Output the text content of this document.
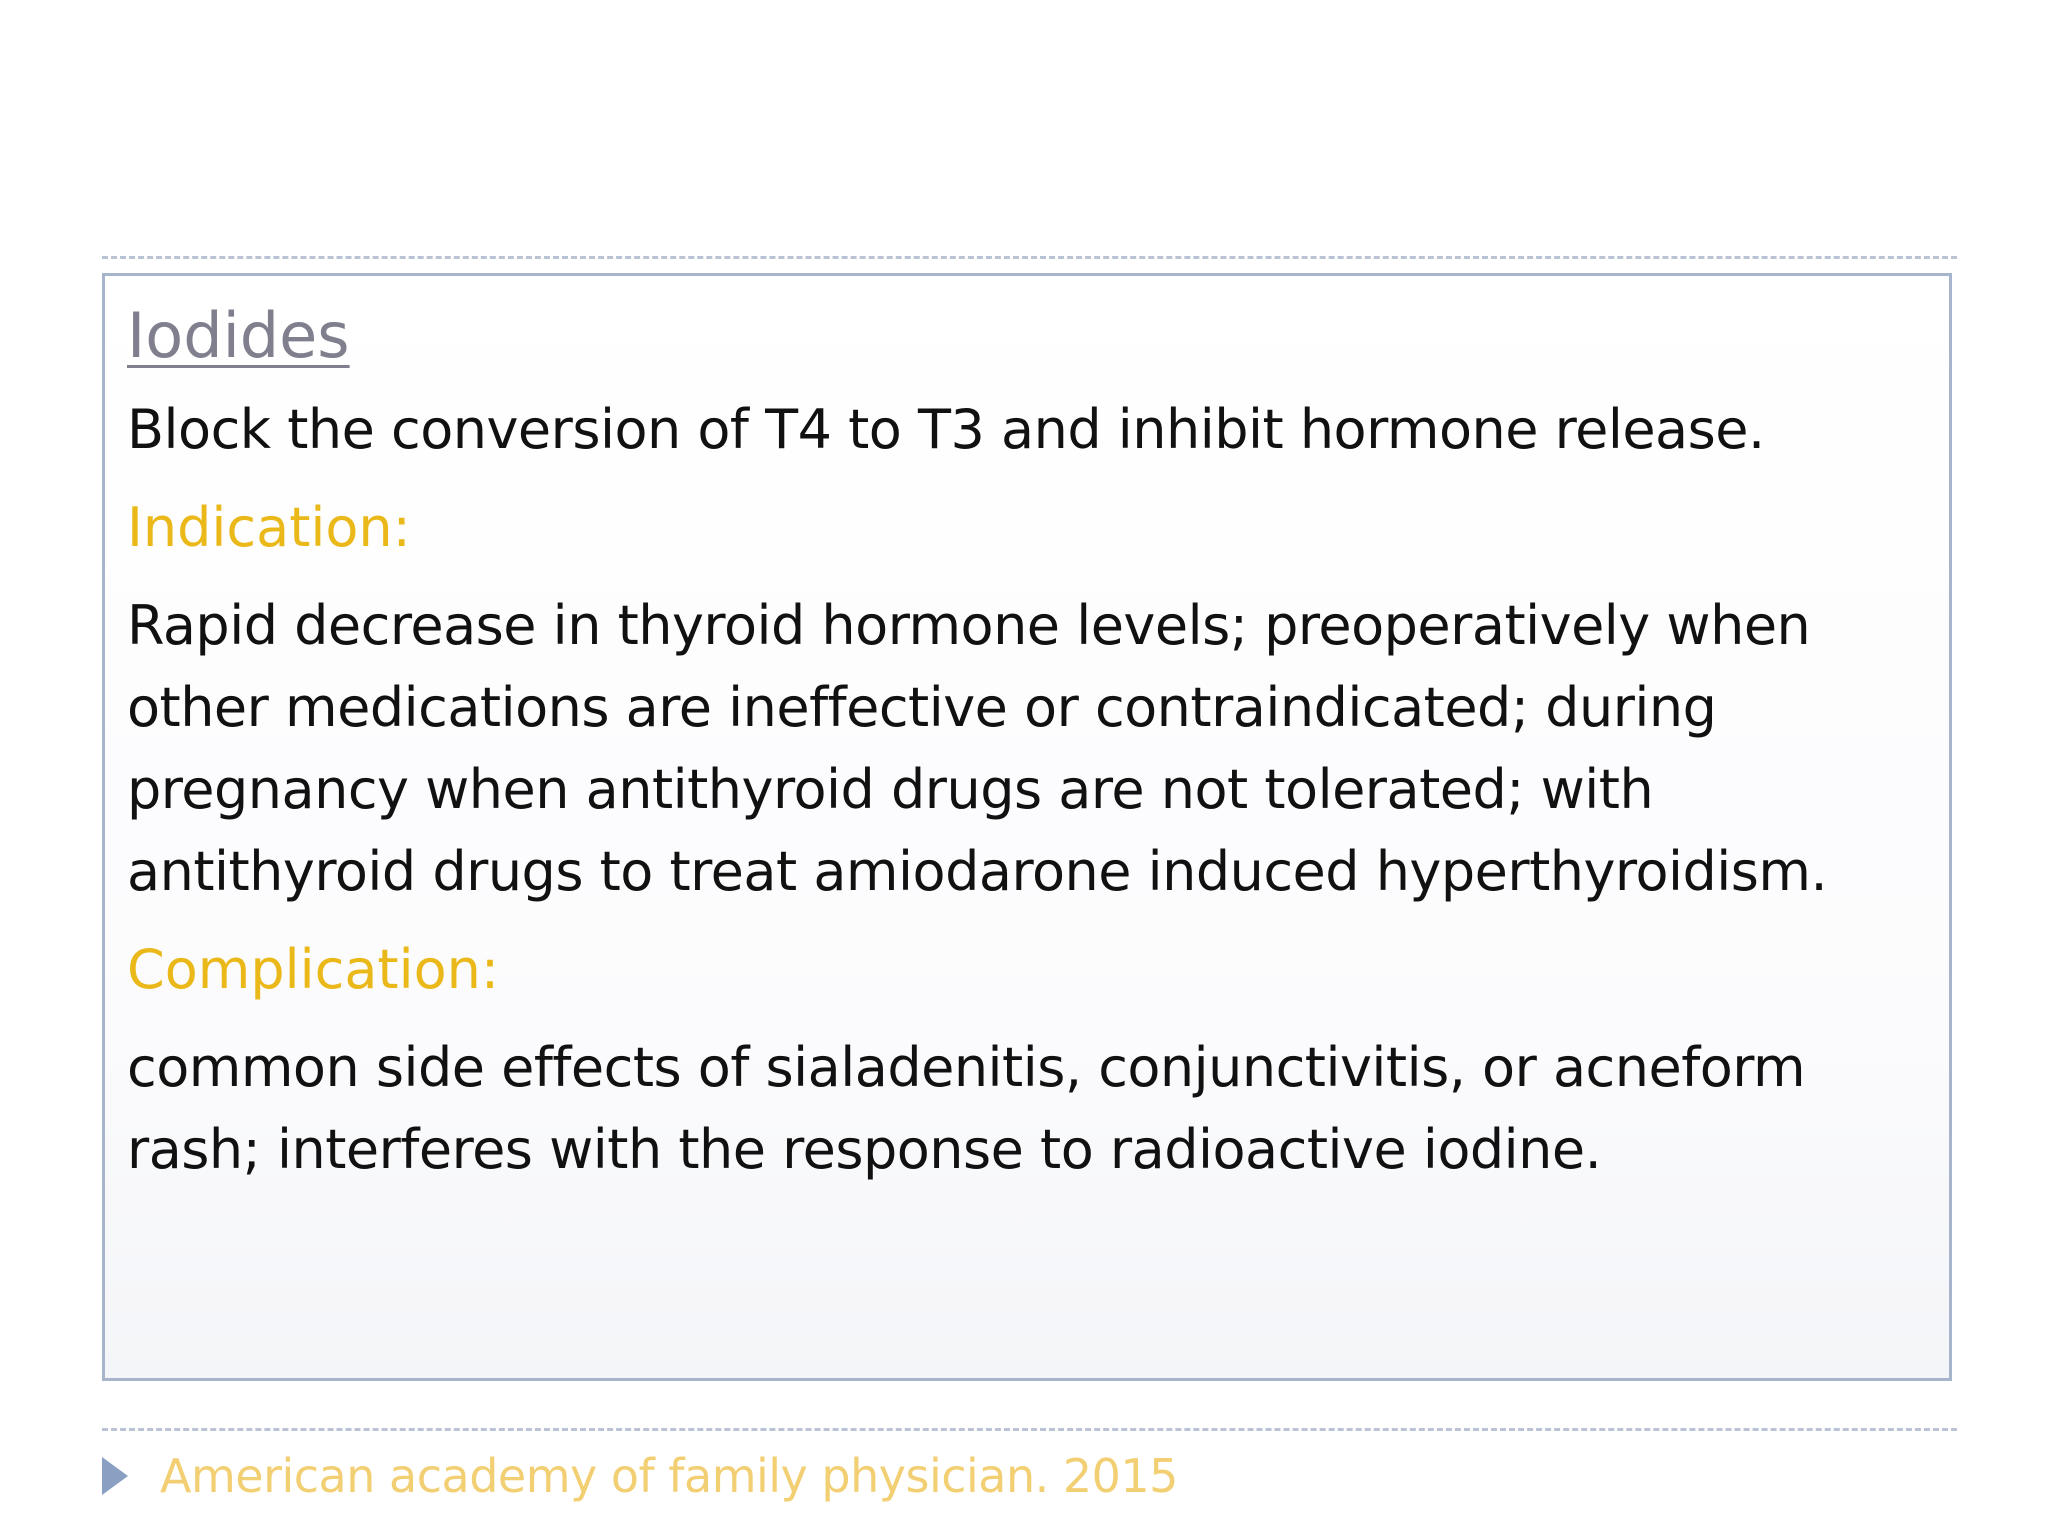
Iodides
Block the conversion of T4 to T3 and inhibit hormone release.
Indication:
Rapid decrease in thyroid hormone levels; preoperatively when other medications are ineffective or contraindicated; during pregnancy when antithyroid drugs are not tolerated; with antithyroid drugs to treat amiodarone induced hyperthyroidism.
Complication:
common side effects of sialadenitis, conjunctivitis, or acneform rash; interferes with the response to radioactive iodine.
American academy of family physician. 2015
